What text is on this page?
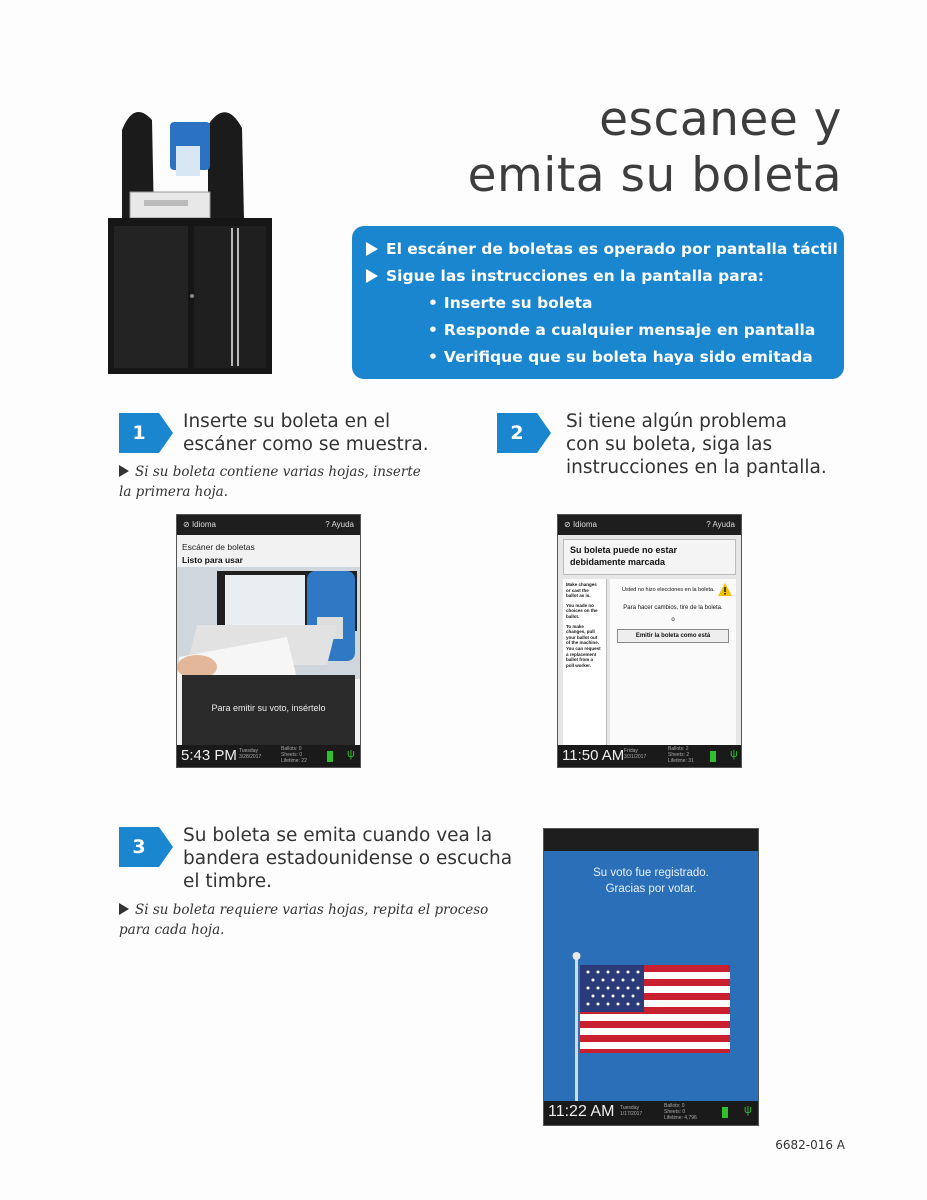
escanee y
emita su boleta
El escáner de boletas es operado por pantalla táctil
Sigue las instrucciones en la pantalla para:
• Inserte su boleta
• Responde a cualquier mensaje en pantalla
• Verifique que su boleta haya sido emitada
1
Inserte su boleta en el
escáner como se muestra.
Si su boleta contiene varias hojas, inserte
la primera hoja.
2
Si tiene algún problema
con su boleta, siga las
instrucciones en la pantalla.
⊘ Idioma	? Ayuda
Escáner de boletas
Listo para usar
Para emitir su voto, insértelo
5:43 PM Tuesday
3/28/2017
Ballots: 0
Sheets: 0
Lifetime: 22
ψ
⊘ Idioma	? Ayuda
Su boleta puede no estar
debidamente marcada
Make changes
or cast the
ballot as is.
You made no
choices on the
ballot.
To make
changes, pull
your ballot out
of the machine.
You can request
a replacement
ballot from a
poll worker.
Usted no hizo elecciones en la boleta.
Para hacer cambios, tire de la boleta.
o
Emitir la boleta como está
11:50 AM Friday
3/31/2017
Ballots: 2
Sheets: 2
Lifetime: 31
ψ
3
Su boleta se emita cuando vea la
bandera estadounidense o escucha
el timbre.
Si su boleta requiere varias hojas, repita el proceso
para cada hoja.
Su voto fue registrado.
Gracias por votar.
11:22 AM Tuesday
1/17/2017
Ballots: 0
Sheets: 0
Lifetime: 4,796
ψ
6682-016 A
